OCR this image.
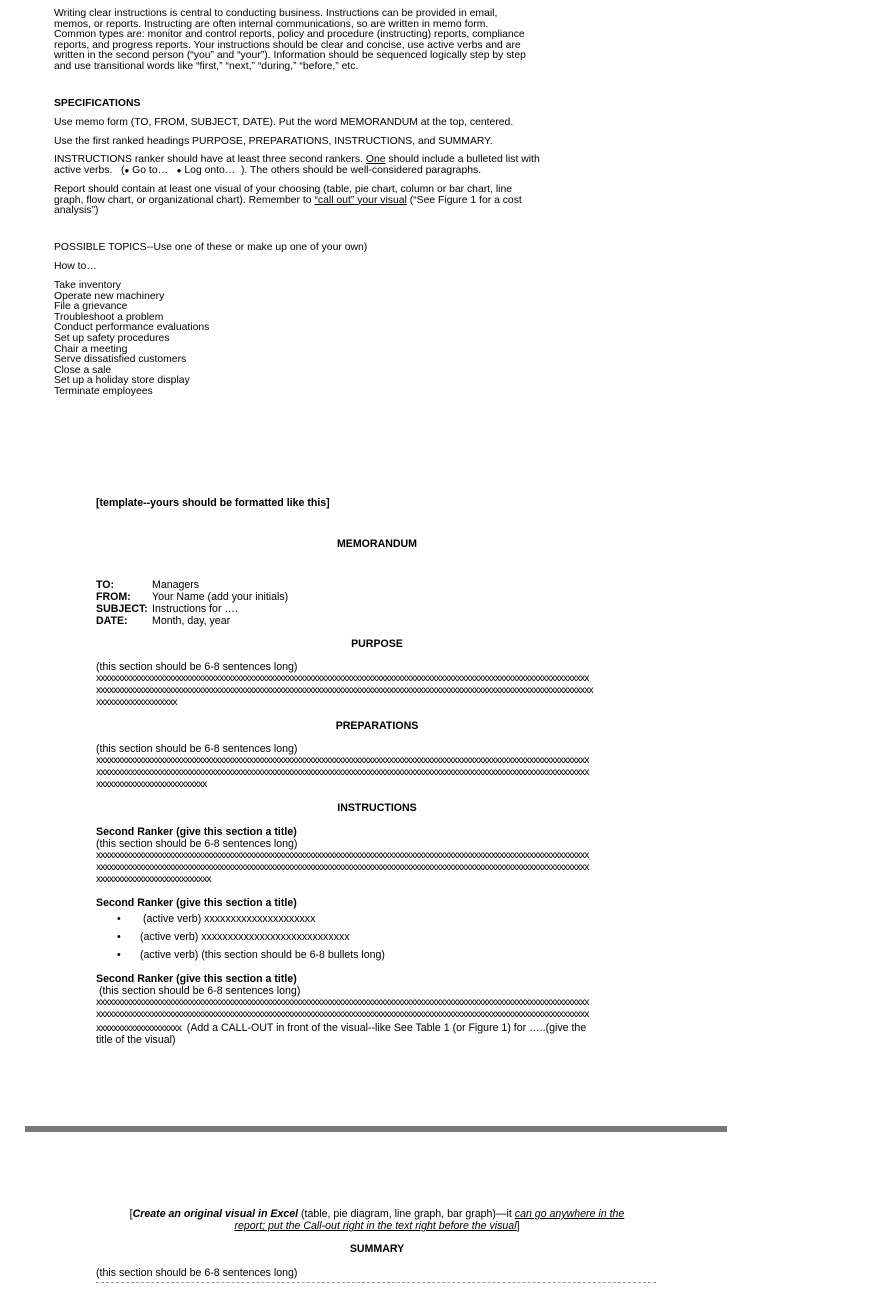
Writing clear instructions is central to conducting business. Instructions can be provided in email,
memos, or reports. Instructing are often internal communications, so are written in memo form.
Common types are: monitor and control reports, policy and procedure (instructing) reports, compliance
reports, and progress reports. Your instructions should be clear and concise, use active verbs and are
written in the second person (“you” and “your”). Information should be sequenced logically step by step
and use transitional words like “first,” “next,” “during,” “before,” etc.
SPECIFICATIONS
Use memo form (TO, FROM, SUBJECT, DATE). Put the word MEMORANDUM at the top, centered.
Use the first ranked headings PURPOSE, PREPARATIONS, INSTRUCTIONS, and SUMMARY.
INSTRUCTIONS ranker should have at least three second rankers. One should include a bulleted list with
active verbs.   (● Go to…   ● Log onto…  ). The others should be well-considered paragraphs.
Report should contain at least one visual of your choosing (table, pie chart, column or bar chart, line
graph, flow chart, or organizational chart). Remember to “call out” your visual (“See Figure 1 for a cost
analysis”)
POSSIBLE TOPICS--Use one of these or make up one of your own)
How to…
Take inventory
Operate new machinery
File a grievance
Troubleshoot a problem
Conduct performance evaluations
Set up safety procedures
Chair a meeting
Serve dissatisfied customers
Close a sale
Set up a holiday store display
Terminate employees
[template--yours should be formatted like this]
MEMORANDUM
TO:	Managers
FROM:	Your Name (add your initials)
SUBJECT: Instructions for ….
DATE:	Month, day, year
PURPOSE
(this section should be 6-8 sentences long)
xxxxxxxxxxxxxxxxxxxxxxxxxxxxxxxxxxxxxxxxxxxxxxxxxxxxxxxxxxxxxxxxxxxxxxxxxxxxxxxxxxxxxxxxxxxxxxxxxxxxxxxxxxxxxxxxxxxx
xxxxxxxxxxxxxxxxxxxxxxxxxxxxxxxxxxxxxxxxxxxxxxxxxxxxxxxxxxxxxxxxxxxxxxxxxxxxxxxxxxxxxxxxxxxxxxxxxxxxxxxxxxxxxxxxxxxxx
xxxxxxxxxxxxxxxxxxx
PREPARATIONS
(this section should be 6-8 sentences long)
xxxxxxxxxxxxxxxxxxxxxxxxxxxxxxxxxxxxxxxxxxxxxxxxxxxxxxxxxxxxxxxxxxxxxxxxxxxxxxxxxxxxxxxxxxxxxxxxxxxxxxxxxxxxxxxxxxxx
xxxxxxxxxxxxxxxxxxxxxxxxxxxxxxxxxxxxxxxxxxxxxxxxxxxxxxxxxxxxxxxxxxxxxxxxxxxxxxxxxxxxxxxxxxxxxxxxxxxxxxxxxxxxxxxxxxxx
xxxxxxxxxxxxxxxxxxxxxxxxxx
INSTRUCTIONS
Second Ranker (give this section a title)
(this section should be 6-8 sentences long)
xxxxxxxxxxxxxxxxxxxxxxxxxxxxxxxxxxxxxxxxxxxxxxxxxxxxxxxxxxxxxxxxxxxxxxxxxxxxxxxxxxxxxxxxxxxxxxxxxxxxxxxxxxxxxxxxxxxx
xxxxxxxxxxxxxxxxxxxxxxxxxxxxxxxxxxxxxxxxxxxxxxxxxxxxxxxxxxxxxxxxxxxxxxxxxxxxxxxxxxxxxxxxxxxxxxxxxxxxxxxxxxxxxxxxxxxx
xxxxxxxxxxxxxxxxxxxxxxxxxxx
Second Ranker (give this section a title)
•	(active verb) xxxxxxxxxxxxxxxxxxxxx
•	(active verb) xxxxxxxxxxxxxxxxxxxxxxxxxxxx
•	(active verb) (this section should be 6-8 bullets long)
Second Ranker (give this section a title)
(this section should be 6-8 sentences long)
xxxxxxxxxxxxxxxxxxxxxxxxxxxxxxxxxxxxxxxxxxxxxxxxxxxxxxxxxxxxxxxxxxxxxxxxxxxxxxxxxxxxxxxxxxxxxxxxxxxxxxxxxxxxxxxxxxxx
xxxxxxxxxxxxxxxxxxxxxxxxxxxxxxxxxxxxxxxxxxxxxxxxxxxxxxxxxxxxxxxxxxxxxxxxxxxxxxxxxxxxxxxxxxxxxxxxxxxxxxxxxxxxxxxxxxxx
xxxxxxxxxxxxxxxxxxxx  (Add a CALL-OUT in front of the visual--like See Table 1 (or Figure 1) for …..(give the
title of the visual)
[Create an original visual in Excel (table, pie diagram, line graph, bar graph)—it can go anywhere in the
report; put the Call-out right in the text right before the visual]
SUMMARY
(this section should be 6-8 sentences long)
